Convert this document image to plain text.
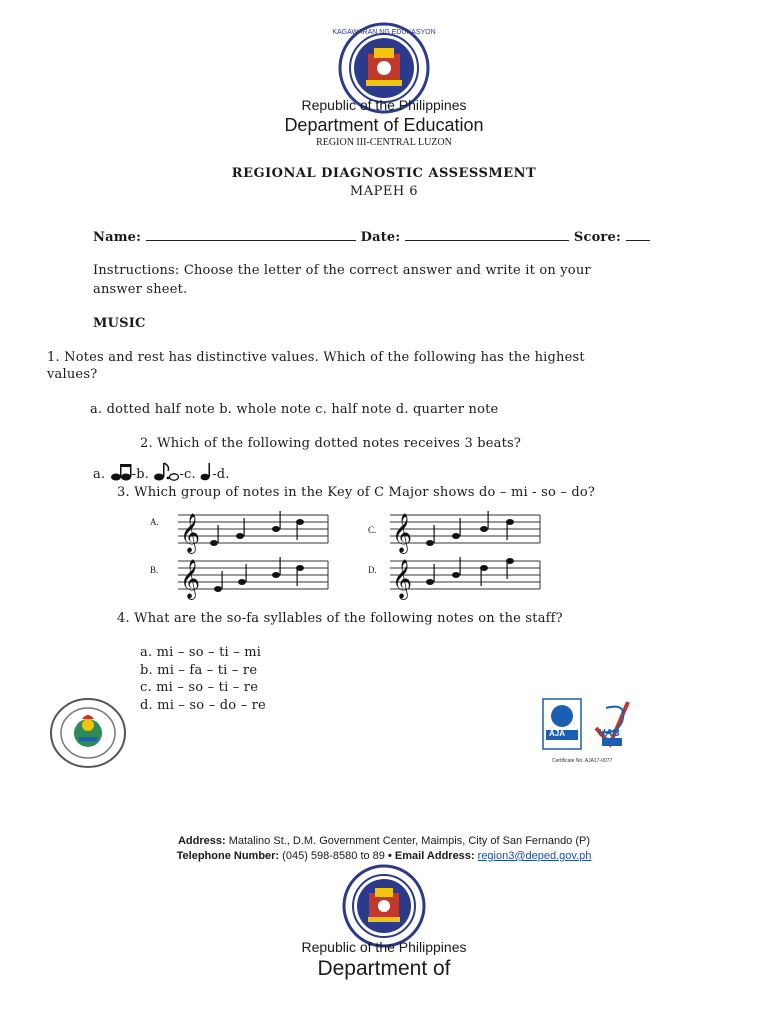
KAGAWARAN NG EDUKASYON
Republic of the Philippines
Department of Education
REGION III-CENTRAL LUZON
REGIONAL DIAGNOSTIC ASSESSMENT
MAPEH 6
Name:	Date:	Score:
Instructions: Choose the letter of the correct answer and write it on your
answer sheet.
MUSIC
1. Notes and rest has distinctive values. Which of the following has the highest
values?
a. dotted half note b. whole note c. half note d. quarter note
2. Which of the following dotted notes receives 3 beats?
a. -b. -c. -d.
3. Which group of notes in the Key of C Major shows do – mi - so – do?
A. 𝄞
B. 𝄞
C. 𝄞
D. 𝄞
4. What are the so-fa syllables of the following notes on the staff?
a. mi – so – ti – mi
b. mi – fa – ti – re
c. mi – so – ti – re
d. mi – so – do – re
AJA	UAB
Certificate No. AJA17-0077
Address: Matalino St., D.M. Government Center, Maimpis, City of San Fernando (P)
Telephone Number: (045) 598-8580 to 89 • Email Address: region3@deped.gov.ph
Republic of the Philippines
Department of
